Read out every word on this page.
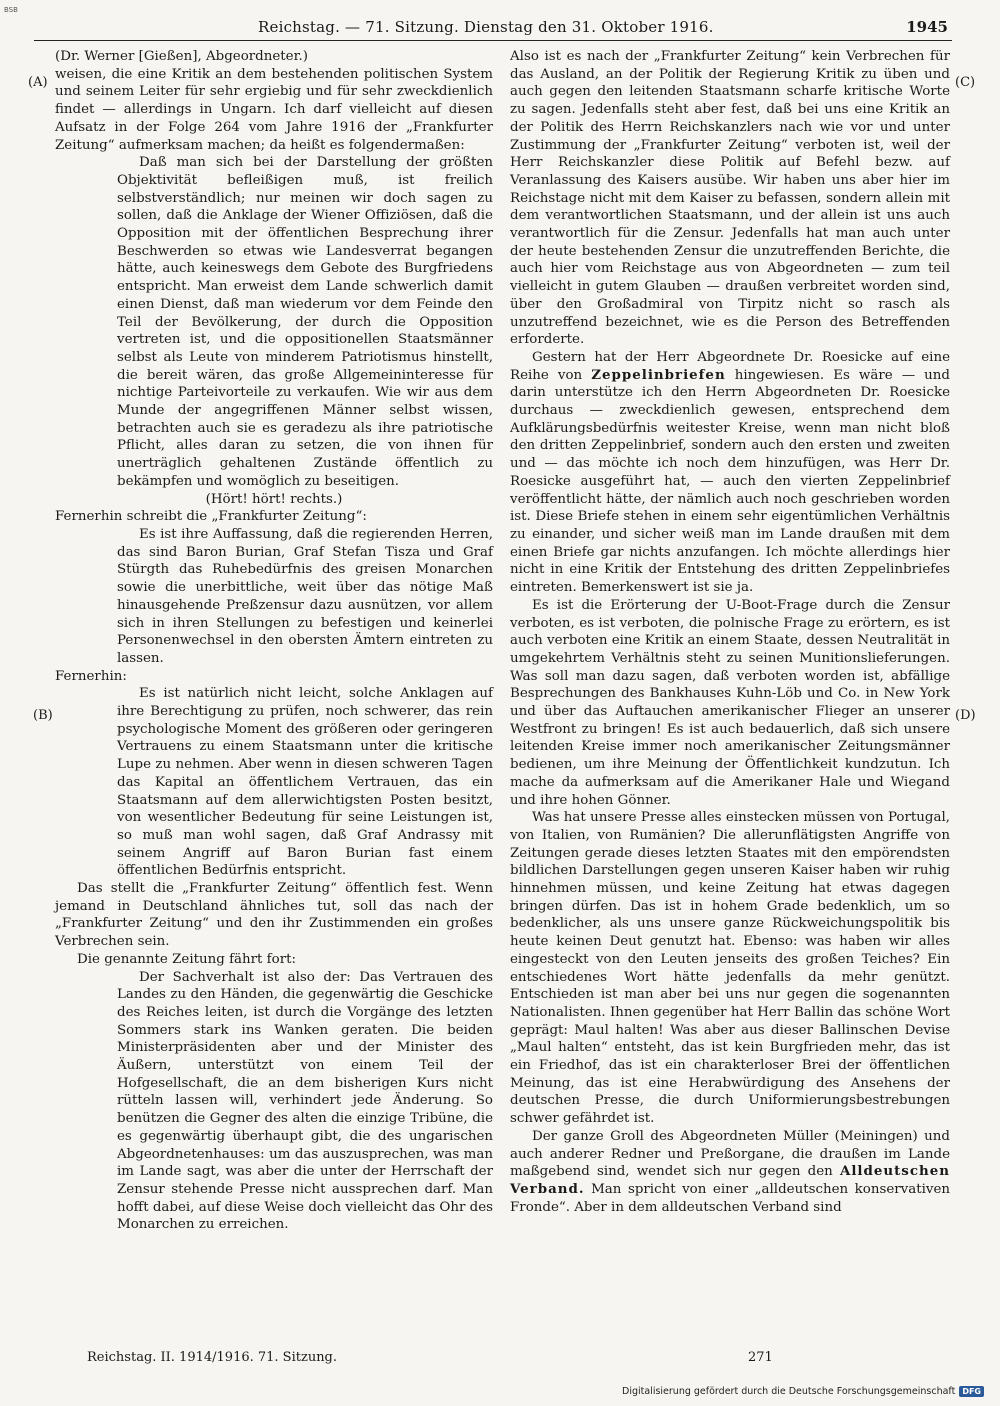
BSB
Reichstag. — 71. Sitzung. Dienstag den 31. Oktober 1916.	1945
(A)
(B)
(C)
(D)

(Dr. Werner [Gießen], Abgeordneter.)

weisen, die eine Kritik an dem bestehenden politischen System und seinem Leiter für sehr ergiebig und für sehr zweckdienlich findet — allerdings in Ungarn. Ich darf vielleicht auf diesen Aufsatz in der Folge 264 vom Jahre 1916 der „Frankfurter Zeitung“ aufmerksam machen; da heißt es folgendermaßen:

Daß man sich bei der Darstellung der größten Objektivität befleißigen muß, ist freilich selbstverständlich; nur meinen wir doch sagen zu sollen, daß die Anklage der Wiener Offiziösen, daß die Opposition mit der öffentlichen Besprechung ihrer Beschwerden so etwas wie Landesverrat begangen hätte, auch keineswegs dem Gebote des Burgfriedens entspricht. Man erweist dem Lande schwerlich damit einen Dienst, daß man wiederum vor dem Feinde den Teil der Bevölkerung, der durch die Opposition vertreten ist, und die oppositionellen Staatsmänner selbst als Leute von minderem Patriotismus hinstellt, die bereit wären, das große Allgemeininteresse für nichtige Parteivorteile zu verkaufen. Wie wir aus dem Munde der angegriffenen Männer selbst wissen, betrachten auch sie es geradezu als ihre patriotische Pflicht, alles daran zu setzen, die von ihnen für unerträglich gehaltenen Zustände öffentlich zu bekämpfen und womöglich zu beseitigen.

(Hört! hört! rechts.)

Fernerhin schreibt die „Frankfurter Zeitung“:

Es ist ihre Auffassung, daß die regierenden Herren, das sind Baron Burian, Graf Stefan Tisza und Graf Stürgth das Ruhebedürfnis des greisen Monarchen sowie die unerbittliche, weit über das nötige Maß hinausgehende Preßzensur dazu ausnützen, vor allem sich in ihren Stellungen zu befestigen und keinerlei Personenwechsel in den obersten Ämtern eintreten zu lassen.

Fernerhin:

Es ist natürlich nicht leicht, solche Anklagen auf ihre Berechtigung zu prüfen, noch schwerer, das rein psychologische Moment des größeren oder geringeren Vertrauens zu einem Staatsmann unter die kritische Lupe zu nehmen. Aber wenn in diesen schweren Tagen das Kapital an öffentlichem Vertrauen, das ein Staatsmann auf dem allerwichtigsten Posten besitzt, von wesentlicher Bedeutung für seine Leistungen ist, so muß man wohl sagen, daß Graf Andrassy mit seinem Angriff auf Baron Burian fast einem öffentlichen Bedürfnis entspricht.

Das stellt die „Frankfurter Zeitung“ öffentlich fest. Wenn jemand in Deutschland ähnliches tut, soll das nach der „Frankfurter Zeitung“ und den ihr Zustimmenden ein großes Verbrechen sein.

Die genannte Zeitung fährt fort:

Der Sachverhalt ist also der: Das Vertrauen des Landes zu den Händen, die gegenwärtig die Geschicke des Reiches leiten, ist durch die Vorgänge des letzten Sommers stark ins Wanken geraten. Die beiden Ministerpräsidenten aber und der Minister des Äußern, unterstützt von einem Teil der Hofgesellschaft, die an dem bisherigen Kurs nicht rütteln lassen will, verhindert jede Änderung. So benützen die Gegner des alten die einzige Tribüne, die es gegenwärtig überhaupt gibt, die des ungarischen Abgeordnetenhauses: um das auszusprechen, was man im Lande sagt, was aber die unter der Herrschaft der Zensur stehende Presse nicht aussprechen darf. Man hofft dabei, auf diese Weise doch vielleicht das Ohr des Monarchen zu erreichen.

Also ist es nach der „Frankfurter Zeitung“ kein Verbrechen für das Ausland, an der Politik der Regierung Kritik zu üben und auch gegen den leitenden Staatsmann scharfe kritische Worte zu sagen. Jedenfalls steht aber fest, daß bei uns eine Kritik an der Politik des Herrn Reichskanzlers nach wie vor und unter Zustimmung der „Frankfurter Zeitung“ verboten ist, weil der Herr Reichskanzler diese Politik auf Befehl bezw. auf Veranlassung des Kaisers ausübe. Wir haben uns aber hier im Reichstage nicht mit dem Kaiser zu befassen, sondern allein mit dem verantwortlichen Staatsmann, und der allein ist uns auch verantwortlich für die Zensur. Jedenfalls hat man auch unter der heute bestehenden Zensur die unzutreffenden Berichte, die auch hier vom Reichstage aus von Abgeordneten — zum teil vielleicht in gutem Glauben — draußen verbreitet worden sind, über den Großadmiral von Tirpitz nicht so rasch als unzutreffend bezeichnet, wie es die Person des Betreffenden erforderte.

Gestern hat der Herr Abgeordnete Dr. Roesicke auf eine Reihe von Zeppelinbriefen hingewiesen. Es wäre — und darin unterstütze ich den Herrn Abgeordneten Dr. Roesicke durchaus — zweckdienlich gewesen, entsprechend dem Aufklärungsbedürfnis weitester Kreise, wenn man nicht bloß den dritten Zeppelinbrief, sondern auch den ersten und zweiten und — das möchte ich noch dem hinzufügen, was Herr Dr. Roesicke ausgeführt hat, — auch den vierten Zeppelinbrief veröffentlicht hätte, der nämlich auch noch geschrieben worden ist. Diese Briefe stehen in einem sehr eigentümlichen Verhältnis zu einander, und sicher weiß man im Lande draußen mit dem einen Briefe gar nichts anzufangen. Ich möchte allerdings hier nicht in eine Kritik der Entstehung des dritten Zeppelinbriefes eintreten. Bemerkenswert ist sie ja.

Es ist die Erörterung der U-Boot-Frage durch die Zensur verboten, es ist verboten, die polnische Frage zu erörtern, es ist auch verboten eine Kritik an einem Staate, dessen Neutralität in umgekehrtem Verhältnis steht zu seinen Munitionslieferungen. Was soll man dazu sagen, daß verboten worden ist, abfällige Besprechungen des Bankhauses Kuhn-Löb und Co. in New York und über das Auftauchen amerikanischer Flieger an unserer Westfront zu bringen! Es ist auch bedauerlich, daß sich unsere leitenden Kreise immer noch amerikanischer Zeitungsmänner bedienen, um ihre Meinung der Öffentlichkeit kundzutun. Ich mache da aufmerksam auf die Amerikaner Hale und Wiegand und ihre hohen Gönner.

Was hat unsere Presse alles einstecken müssen von Portugal, von Italien, von Rumänien? Die allerunflätigsten Angriffe von Zeitungen gerade dieses letzten Staates mit den empörendsten bildlichen Darstellungen gegen unseren Kaiser haben wir ruhig hinnehmen müssen, und keine Zeitung hat etwas dagegen bringen dürfen. Das ist in hohem Grade bedenklich, um so bedenklicher, als uns unsere ganze Rückweichungspolitik bis heute keinen Deut genutzt hat. Ebenso: was haben wir alles eingesteckt von den Leuten jenseits des großen Teiches? Ein entschiedenes Wort hätte jedenfalls da mehr genützt. Entschieden ist man aber bei uns nur gegen die sogenannten Nationalisten. Ihnen gegenüber hat Herr Ballin das schöne Wort geprägt: Maul halten! Was aber aus dieser Ballinschen Devise „Maul halten“ entsteht, das ist kein Burgfrieden mehr, das ist ein Friedhof, das ist ein charakterloser Brei der öffentlichen Meinung, das ist eine Herabwürdigung des Ansehens der deutschen Presse, die durch Uniformierungsbestrebungen schwer gefährdet ist.

Der ganze Groll des Abgeordneten Müller (Meiningen) und auch anderer Redner und Preßorgane, die draußen im Lande maßgebend sind, wendet sich nur gegen den Alldeutschen Verband. Man spricht von einer „alldeutschen konservativen Fronde“. Aber in dem alldeutschen Verband sind

Reichstag. II. 1914/1916. 71. Sitzung.	271
Digitalisierung gefördert durch die Deutsche Forschungsgemeinschaft DFG
